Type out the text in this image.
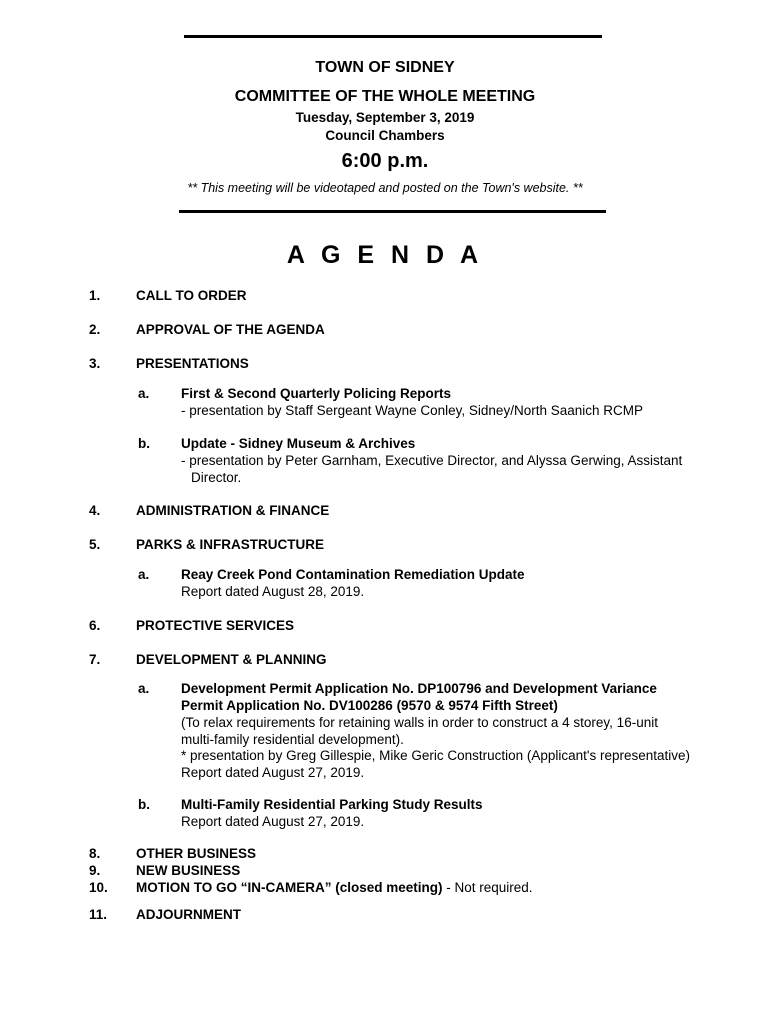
TOWN OF SIDNEY
COMMITTEE OF THE WHOLE MEETING
Tuesday, September 3, 2019
Council Chambers
6:00 p.m.
** This meeting will be videotaped and posted on the Town's website. **
A G E N D A
1.	CALL TO ORDER
2.	APPROVAL OF THE AGENDA
3.	PRESENTATIONS
a. First & Second Quarterly Policing Reports
- presentation by Staff Sergeant Wayne Conley, Sidney/North Saanich RCMP
b. Update - Sidney Museum & Archives
- presentation by Peter Garnham, Executive Director, and Alyssa Gerwing, Assistant
Director.
4.	ADMINISTRATION & FINANCE
5.	PARKS & INFRASTRUCTURE
a. Reay Creek Pond Contamination Remediation Update
Report dated August 28, 2019.
6.	PROTECTIVE SERVICES
7.	DEVELOPMENT & PLANNING
a. Development Permit Application No. DP100796 and Development Variance
Permit Application No. DV100286 (9570 & 9574 Fifth Street)
(To relax requirements for retaining walls in order to construct a 4 storey, 16-unit
multi-family residential development).
* presentation by Greg Gillespie, Mike Geric Construction (Applicant's representative)
Report dated August 27, 2019.
b. Multi-Family Residential Parking Study Results
Report dated August 27, 2019.
8.	OTHER BUSINESS
9.	NEW BUSINESS
10. MOTION TO GO “IN-CAMERA” (closed meeting) - Not required.
11. ADJOURNMENT
